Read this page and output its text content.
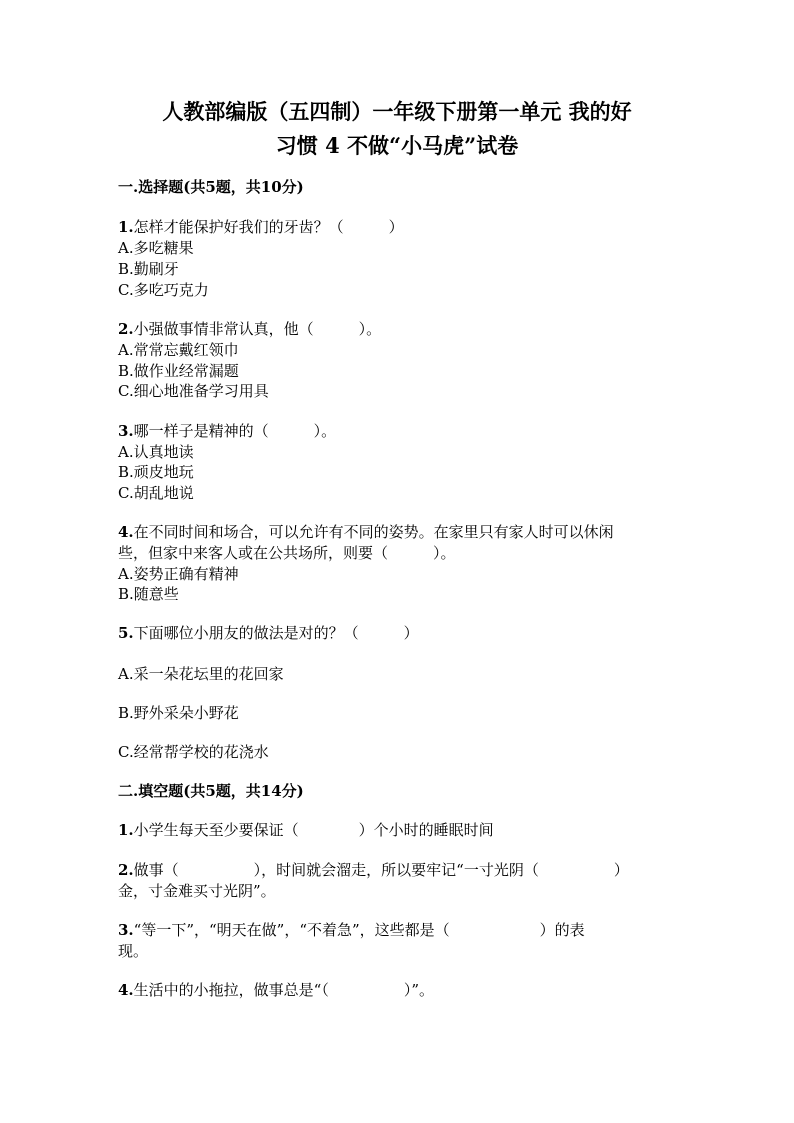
人教部编版（五四制）一年级下册第一单元 我的好
习惯 4 不做“小马虎”试卷
一.选择题(共5题，共10分)
1.怎样才能保护好我们的牙齿？（　　　）
A.多吃糖果
B.勤刷牙
C.多吃巧克力
2.小强做事情非常认真，他（　　　）。
A.常常忘戴红领巾
B.做作业经常漏题
C.细心地准备学习用具
3.哪一样子是精神的（　　　）。
A.认真地读
B.顽皮地玩
C.胡乱地说
4.在不同时间和场合，可以允许有不同的姿势。在家里只有家人时可以休闲
些，但家中来客人或在公共场所，则要（　　　）。
A.姿势正确有精神
B.随意些
5.下面哪位小朋友的做法是对的？（　　　）
A.采一朵花坛里的花回家
B.野外采朵小野花
C.经常帮学校的花浇水
二.填空题(共5题，共14分)
1.小学生每天至少要保证（　　　　）个小时的睡眠时间
2.做事（　　　　　），时间就会溜走，所以要牢记“一寸光阴（　　　　　）
金，寸金难买寸光阴”。
3.“等一下”，“明天在做”，“不着急”，这些都是（　　　　　　）的表
现。
4.生活中的小拖拉，做事总是“（　　　　　）”。
